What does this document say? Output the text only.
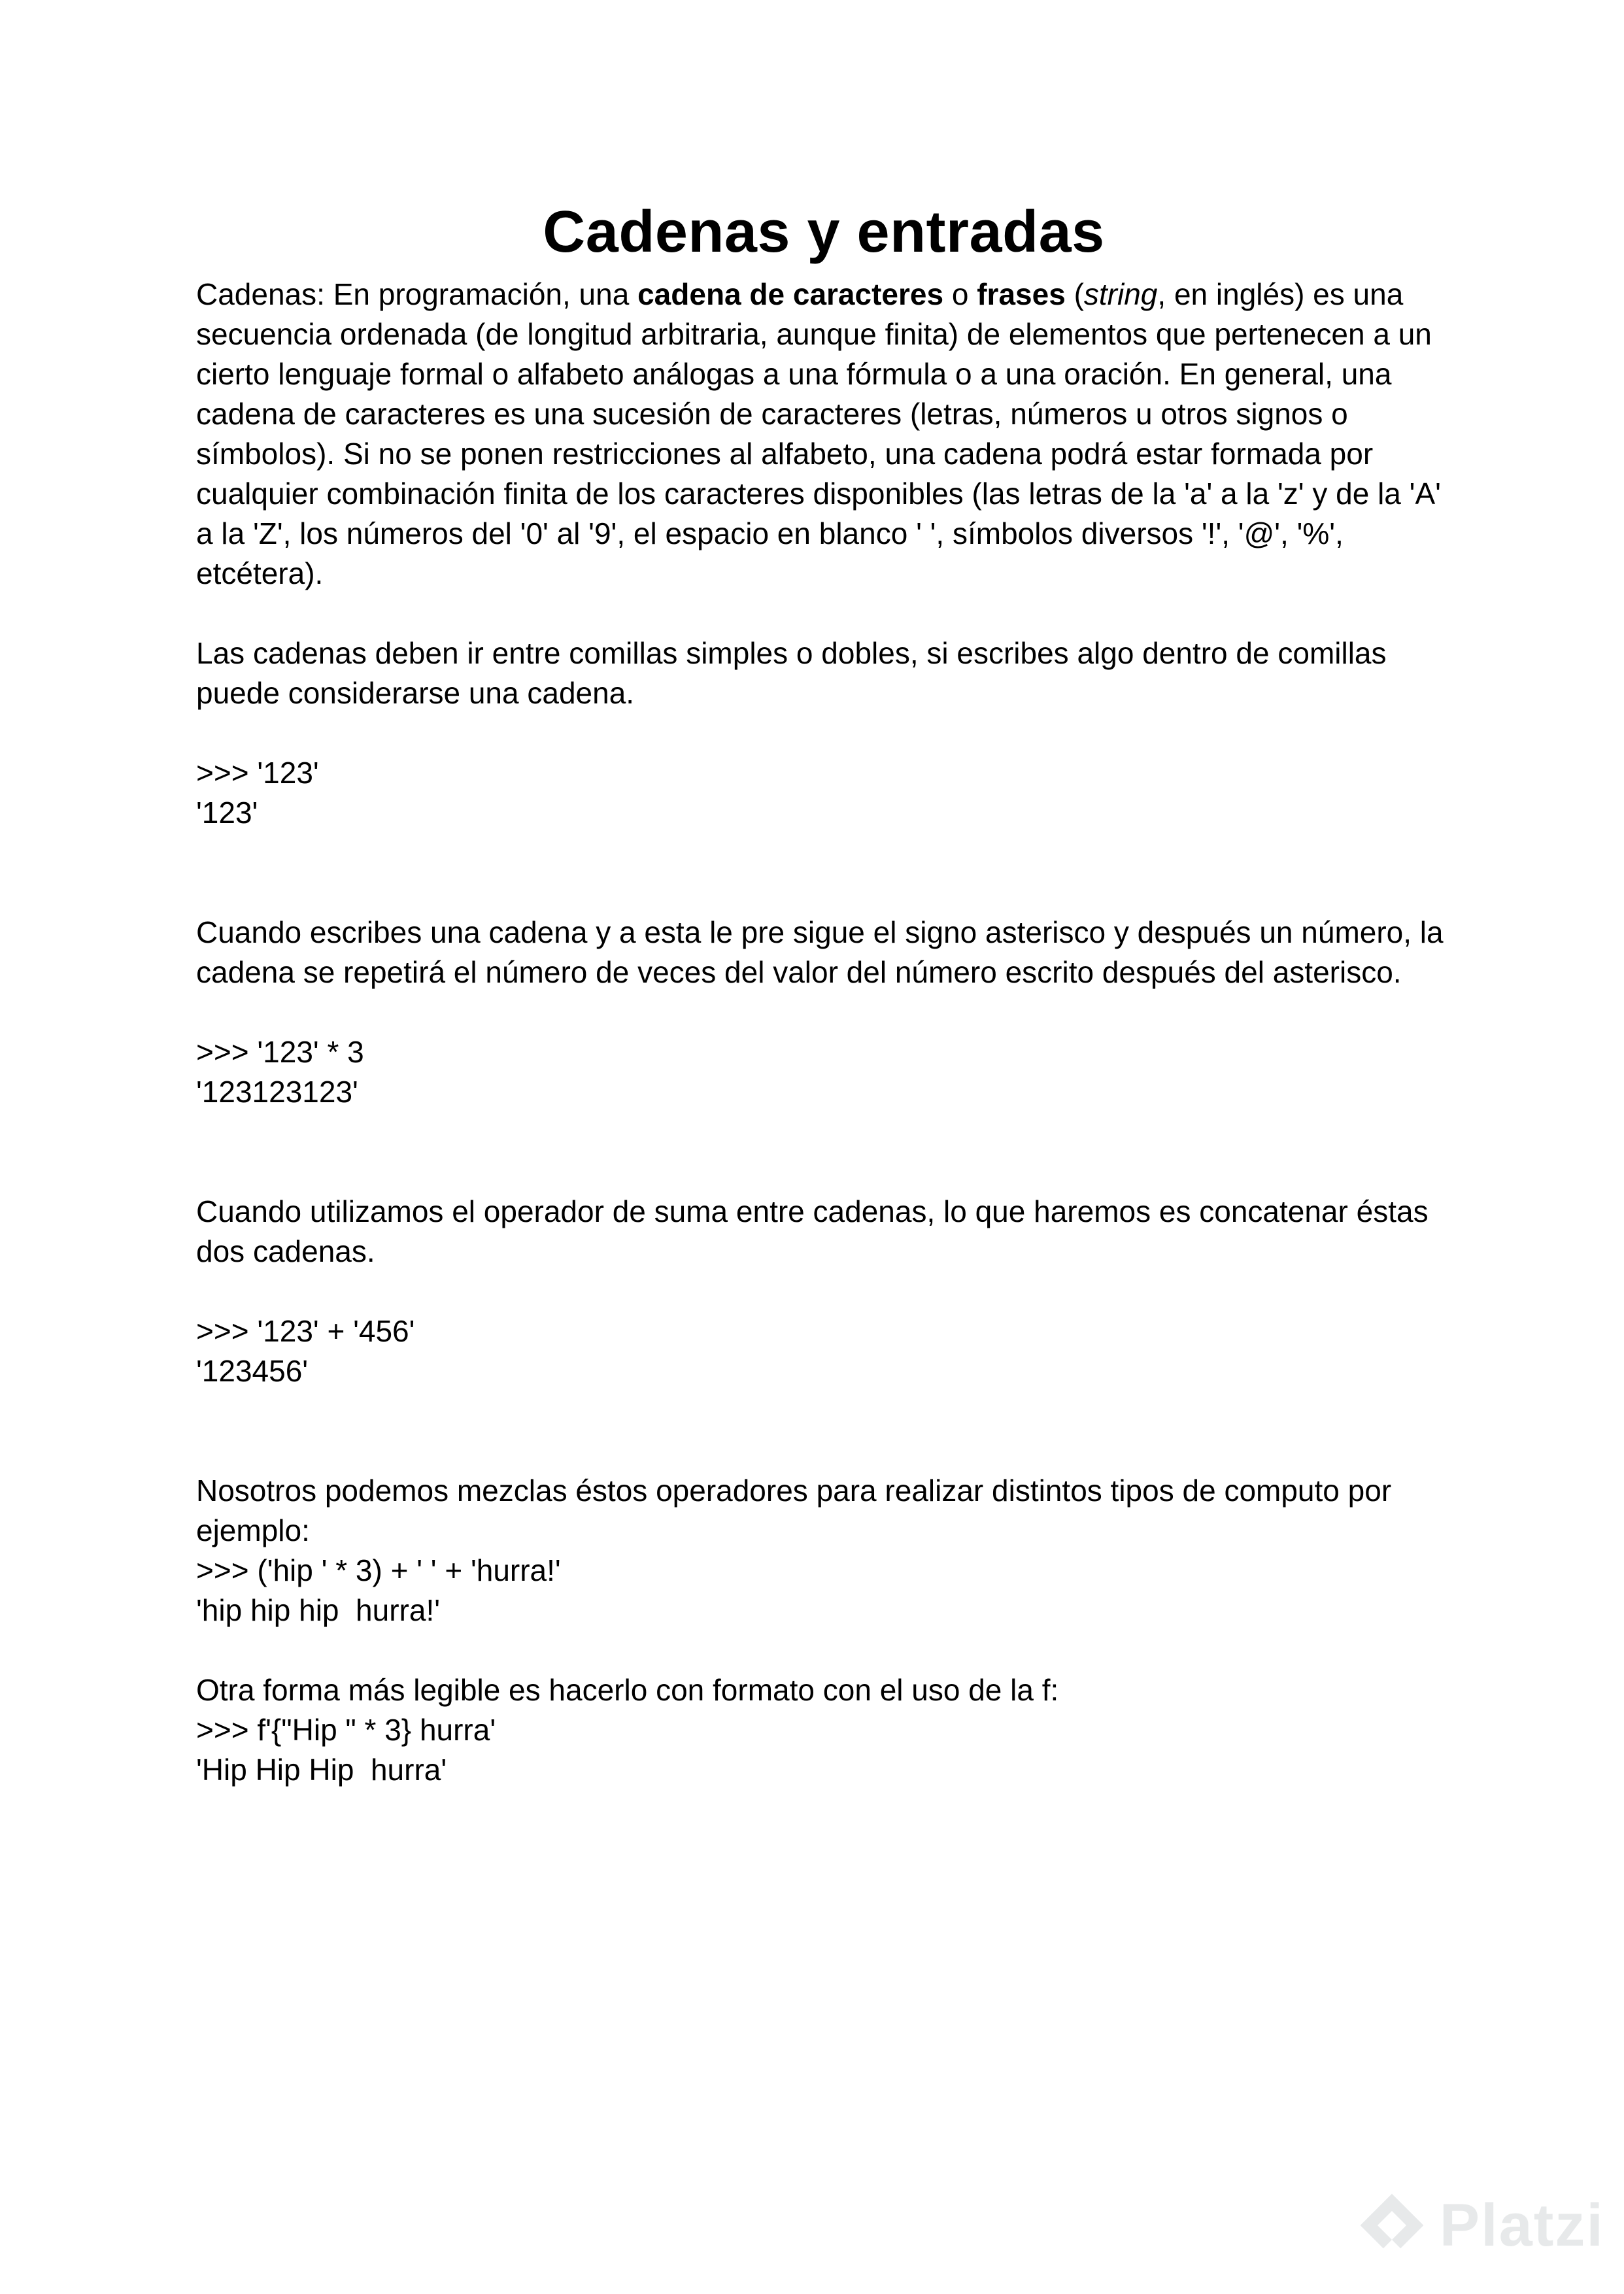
Cadenas y entradas

Cadenas: En programación, una cadena de caracteres o frases (string, en inglés) es una secuencia ordenada (de longitud arbitraria, aunque finita) de elementos que pertenecen a un cierto lenguaje formal o alfabeto análogas a una fórmula o a una oración. En general, una cadena de caracteres es una sucesión de caracteres (letras, números u otros signos o símbolos). Si no se ponen restricciones al alfabeto, una cadena podrá estar formada por cualquier combinación finita de los caracteres disponibles (las letras de la 'a' a la 'z' y de la 'A' a la 'Z', los números del '0' al '9', el espacio en blanco ' ', símbolos diversos '!', '@', '%', etcétera).

Las cadenas deben ir entre comillas simples o dobles, si escribes algo dentro de comillas puede considerarse una cadena.

>>> '123'

'123'

Cuando escribes una cadena y a esta le pre sigue el signo asterisco y después un número, la cadena se repetirá el número de veces del valor del número escrito después del asterisco.

>>> '123' * 3

'123123123'

Cuando utilizamos el operador de suma entre cadenas, lo que haremos es concatenar éstas dos cadenas.

>>> '123' + '456'

'123456'

Nosotros podemos mezclas éstos operadores para realizar distintos tipos de computo por ejemplo:

>>> ('hip ' * 3) + ' ' + 'hurra!'

'hip hip hip  hurra!'

Otra forma más legible es hacerlo con formato con el uso de la f:

>>> f'{"Hip " * 3} hurra'

'Hip Hip Hip  hurra'

Platzi
